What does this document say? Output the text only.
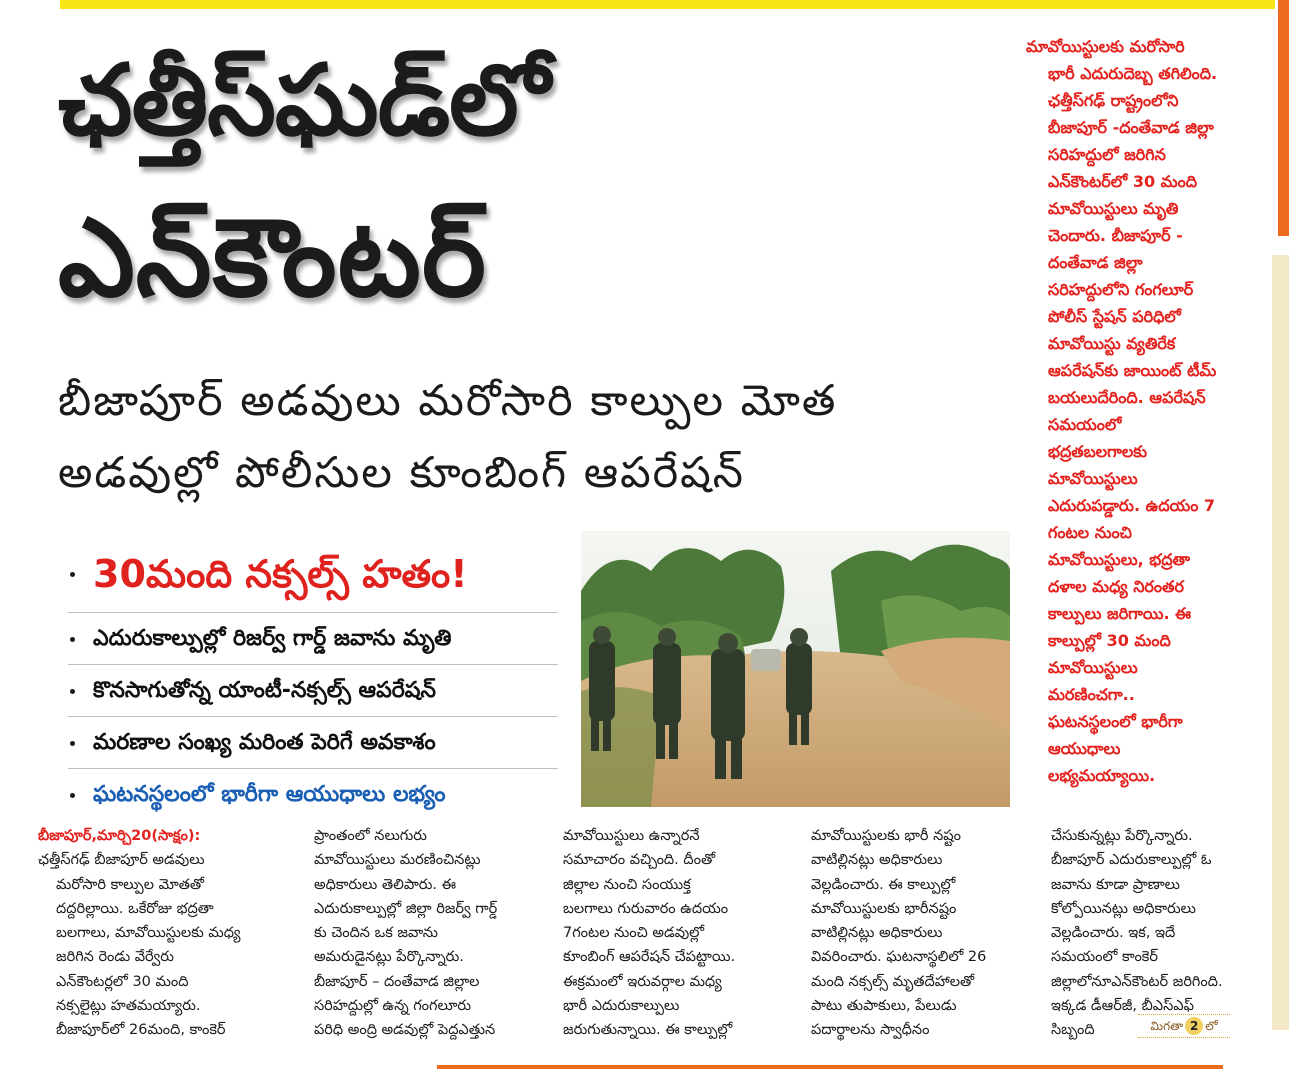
ఛత్తీస్‌ఘడ్‌లో
ఎన్‌కౌంటర్
బీజాపూర్ అడవులు మరోసారి కాల్పుల మోత
అడవుల్లో పోలీసుల కూంబింగ్ ఆపరేషన్
30మంది నక్సల్స్ హతం!
ఎదురుకాల్పుల్లో రిజర్వ్ గార్డ్ జవాను మృతి
కొనసాగుతోన్న యాంటీ-నక్సల్స్ ఆపరేషన్
మరణాల సంఖ్య మరింత పెరిగే అవకాశం
ఘటనస్థలంలో భారీగా ఆయుధాలు లభ్యం

మావోయిస్టులకు మరోసారి
భారీ ఎదురుదెబ్బ తగిలింది.
ఛత్తీస్‌గఢ్ రాష్ట్రంలోని
బీజాపూర్ -దంతేవాడ జిల్లా
సరిహద్దులో జరిగిన
ఎన్‌కౌంటర్‌లో 30 మంది
మావోయిస్టులు మృతి
చెందారు. బీజాపూర్ -
దంతేవాడ జిల్లా
సరిహద్దులోని గంగలూర్
పోలీస్ స్టేషన్ పరిధిలో
మావోయిస్టు వ్యతిరేక
ఆపరేషన్‌కు జాయింట్ టీమ్
బయలుదేరింది. ఆపరేషన్
సమయంలో
భద్రతబలగాలకు
మావోయిస్టులు
ఎదురుపడ్డారు. ఉదయం 7
గంటల నుంచి
మావోయిస్టులు, భద్రతా
దళాల మధ్య నిరంతర
కాల్పులు జరిగాయి. ఈ
కాల్పుల్లో 30 మంది
మావోయిస్టులు
మరణించగా..
ఘటనస్థలంలో భారీగా
ఆయుధాలు
లభ్యమయ్యాయి.

బీజాపూర్,మార్చి20(సాక్షం):
ఛత్తీస్‌గఢ్ బీజాపూర్ అడవులు
మరోసారి కాల్పుల మోతతో
దద్దరిల్లాయి. ఒకేరోజు భద్రతా
బలగాలు, మావోయిస్టులకు మధ్య
జరిగిన రెండు వేర్వేరు
ఎన్‌కౌంటర్లలో 30 మంది
నక్సలైట్లు హతమయ్యారు.
బీజాపూర్‌లో 26మంది, కాంకెర్
ప్రాంతంలో నలుగురు
మావోయిస్టులు మరణించినట్లు
అధికారులు తెలిపారు. ఈ
ఎదురుకాల్పుల్లో జిల్లా రిజర్వ్ గార్డ్
కు చెందిన ఒక జవాను
అమరుడైనట్లు పేర్కొన్నారు.
బీజాపూర్ – దంతేవాడ జిల్లాల
సరిహద్దుల్లో ఉన్న గంగలూరు
పరిధి అంద్రి అడవుల్లో పెద్దఎత్తున
మావోయిస్టులు ఉన్నారనే
సమాచారం వచ్చింది. దీంతో
జిల్లాల నుంచి సంయుక్త
బలగాలు గురువారం ఉదయం
7గంటల నుంచి అడవుల్లో
కూంబింగ్ ఆపరేషన్ చేపట్టాయి.
ఈక్రమంలో ఇరువర్గాల మధ్య
భారీ ఎదురుకాల్పులు
జరుగుతున్నాయి. ఈ కాల్పుల్లో
మావోయిస్టులకు భారీ నష్టం
వాటిల్లినట్లు అధికారులు
వెల్లడించారు. ఈ కాల్పుల్లో
మావోయిస్టులకు భారీనష్టం
వాటిల్లినట్లు అధికారులు
వివరించారు. ఘటనాస్థలిలో 26
మంది నక్సల్స్ మృతదేహాలతో
పాటు తుపాకులు, పేలుడు
పదార్థాలను స్వాధీనం
చేసుకున్నట్లు పేర్కొన్నారు.
బీజాపూర్ ఎదురుకాల్పుల్లో ఓ
జవాను కూడా ప్రాణాలు
కోల్పోయినట్లు అధికారులు
వెల్లడించారు. ఇక, ఇదే
సమయంలో కాంకెర్
జిల్లాలోనూఎన్‌కౌంటర్ జరిగింది.
ఇక్కడ డీఆర్‌జీ, బీఎస్‌ఎఫ్
సిబ్బంది	మిగతా 2 లో
